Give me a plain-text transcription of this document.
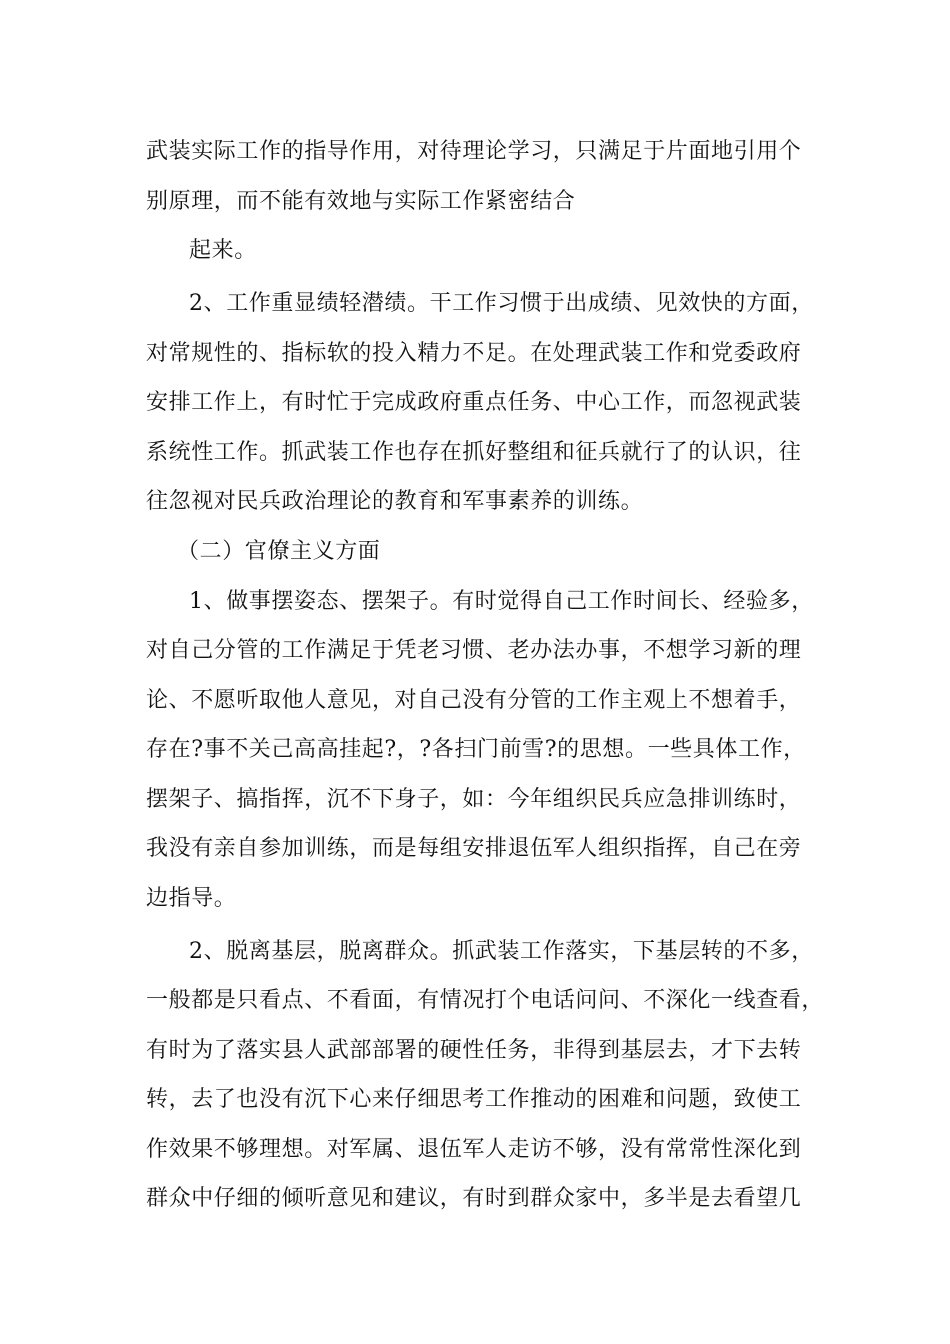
武装实际工作的指导作用，对待理论学习，只满足于片面地引用个
别原理，而不能有效地与实际工作紧密结合
起来。
2、工作重显绩轻潜绩。干工作习惯于出成绩、见效快的方面，
对常规性的、指标软的投入精力不足。在处理武装工作和党委政府
安排工作上，有时忙于完成政府重点任务、中心工作，而忽视武装
系统性工作。抓武装工作也存在抓好整组和征兵就行了的认识，往
往忽视对民兵政治理论的教育和军事素养的训练。
（二）官僚主义方面
1、做事摆姿态、摆架子。有时觉得自己工作时间长、经验多，
对自己分管的工作满足于凭老习惯、老办法办事，不想学习新的理
论、不愿听取他人意见，对自己没有分管的工作主观上不想着手，
存在?事不关己高高挂起?，?各扫门前雪?的思想。一些具体工作，
摆架子、搞指挥，沉不下身子，如：今年组织民兵应急排训练时，
我没有亲自参加训练，而是每组安排退伍军人组织指挥，自己在旁
边指导。
2、脱离基层，脱离群众。抓武装工作落实，下基层转的不多，
一般都是只看点、不看面，有情况打个电话问问、不深化一线查看，
有时为了落实县人武部部署的硬性任务，非得到基层去，才下去转
转，去了也没有沉下心来仔细思考工作推动的困难和问题，致使工
作效果不够理想。对军属、退伍军人走访不够，没有常常性深化到
群众中仔细的倾听意见和建议，有时到群众家中，多半是去看望几
